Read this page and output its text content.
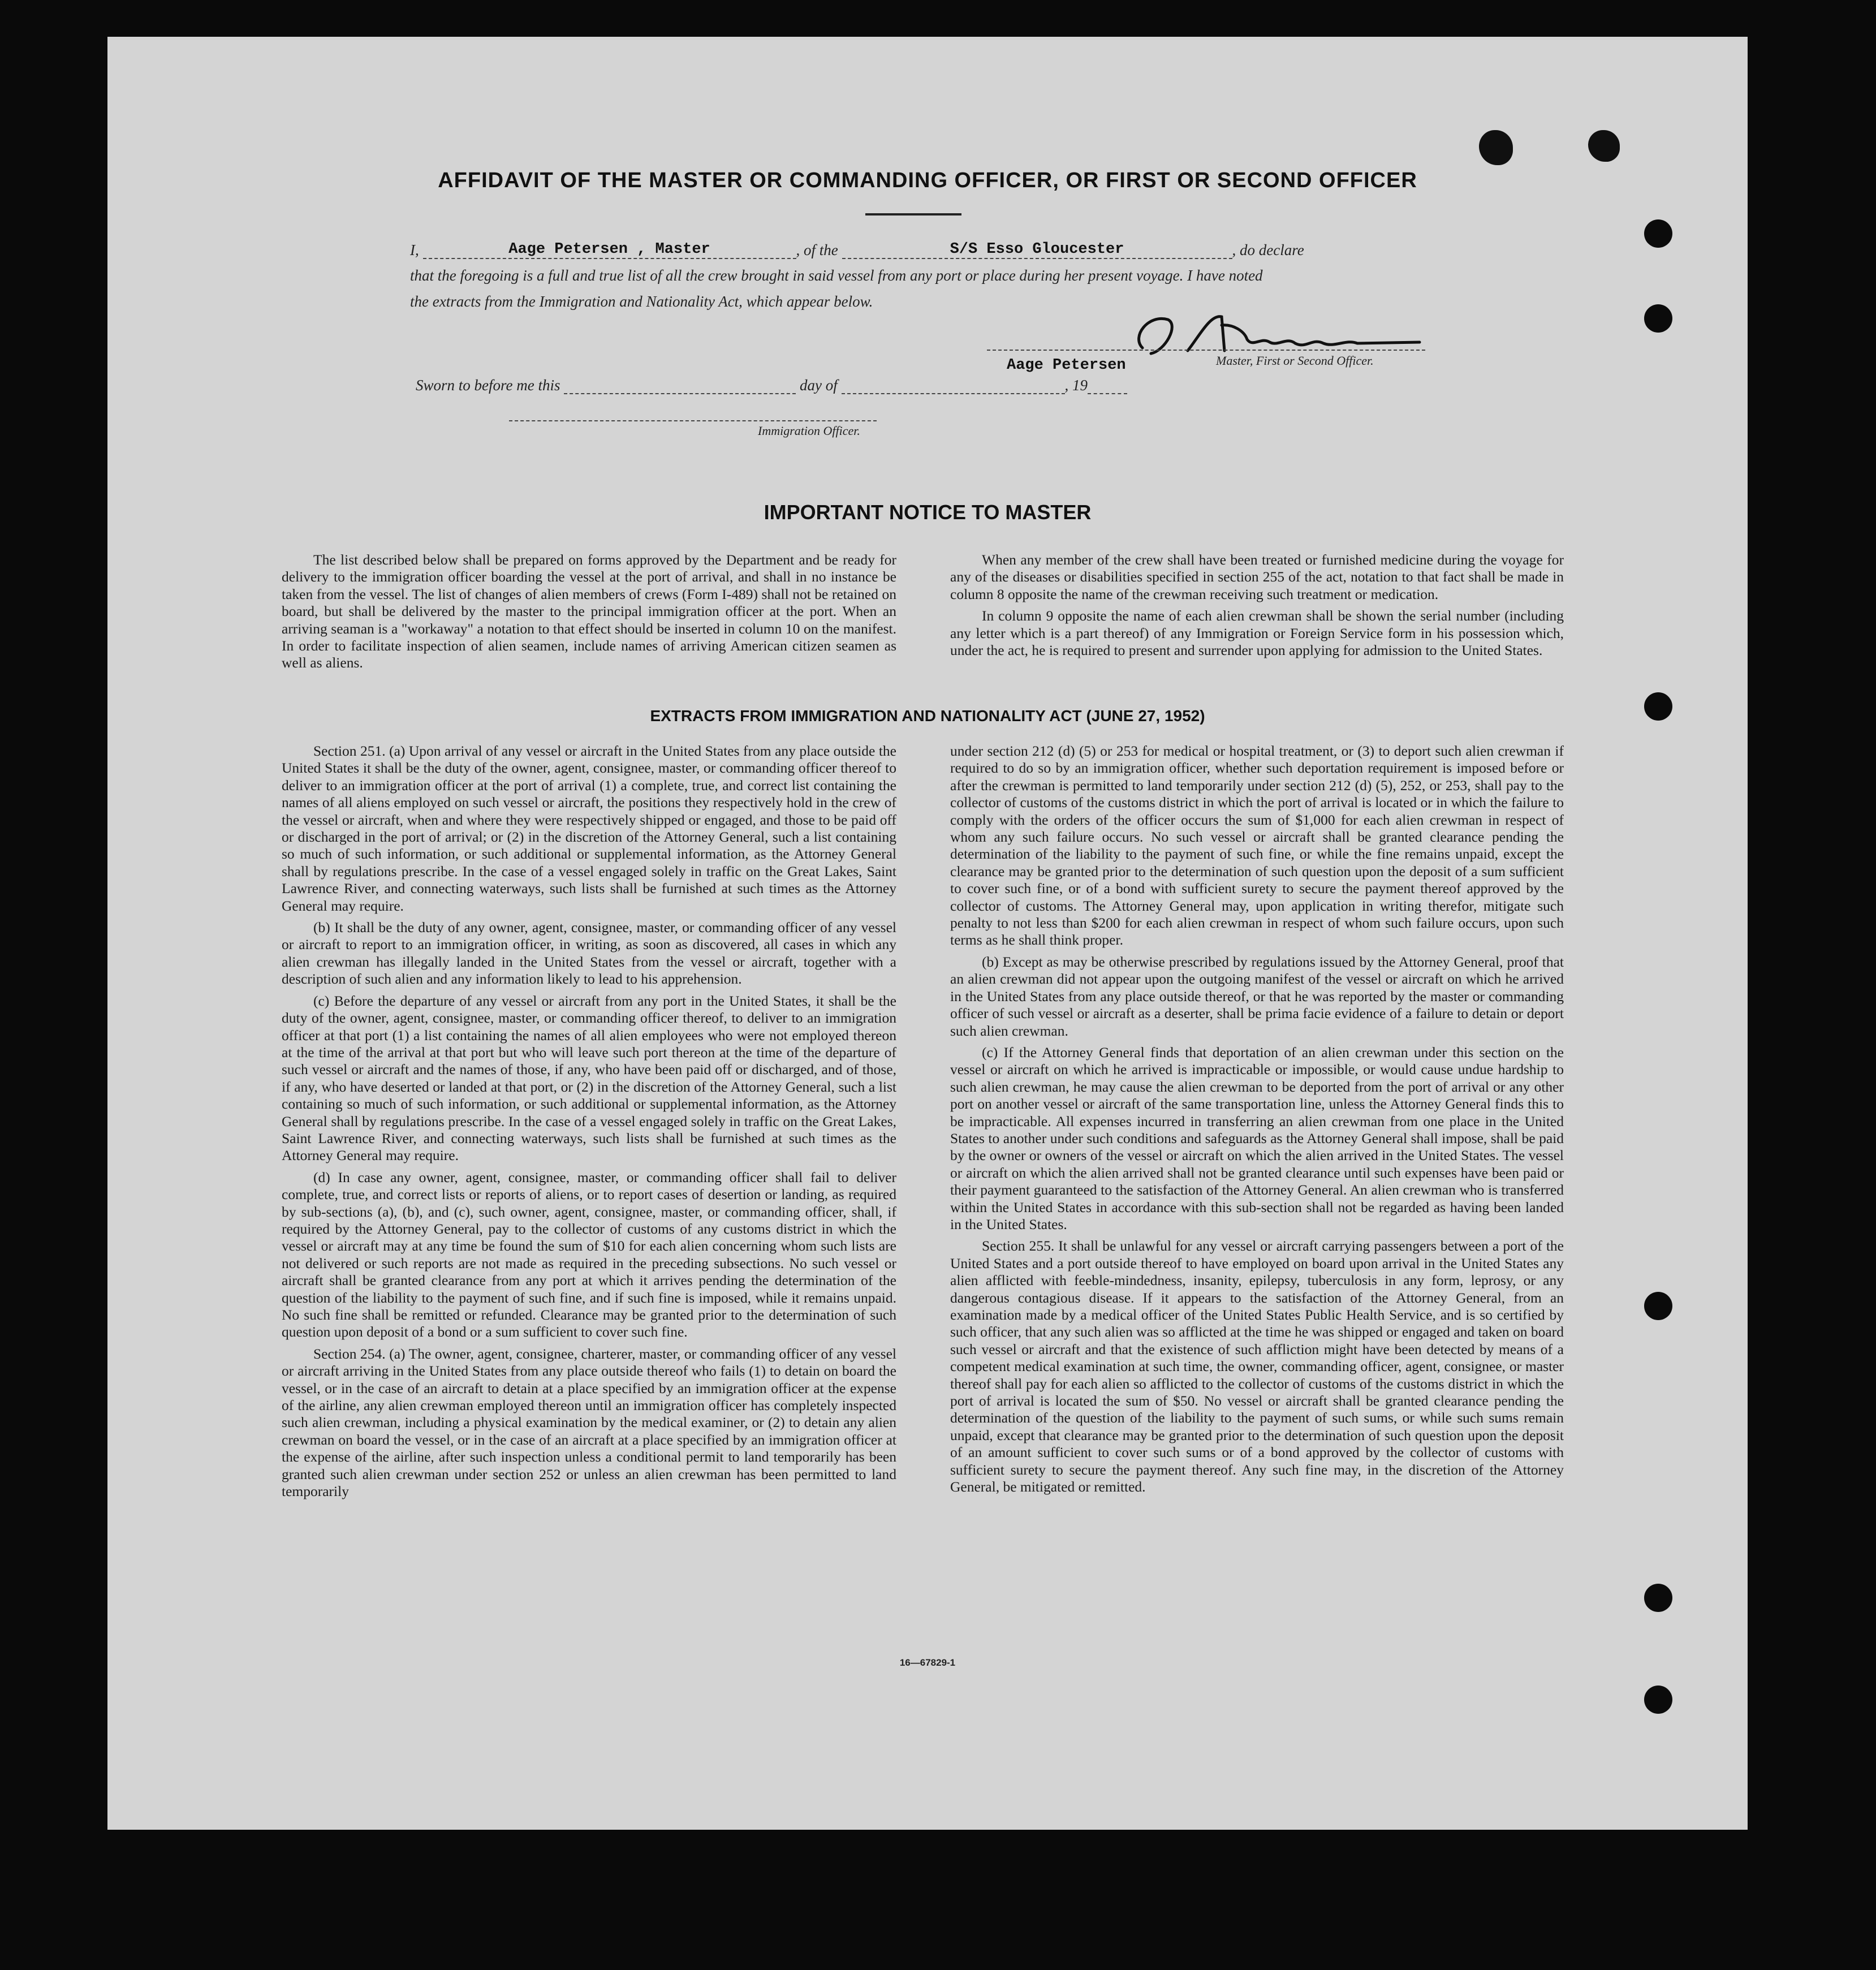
AFFIDAVIT OF THE MASTER OR COMMANDING OFFICER, OR FIRST OR SECOND OFFICER
I,	Aage Petersen , Master	, of the	S/S Esso Gloucester	, do declare
that the foregoing is a full and true list of all the crew brought in said vessel from any port or place during her present voyage. I have noted
the extracts from the Immigration and Nationality Act, which appear below.
Master, First or Second Officer.
Aage Petersen
Sworn to before me this	day of	, 19
Immigration Officer.
IMPORTANT NOTICE TO MASTER

The list described below shall be prepared on forms approved by the Department and be ready for delivery to the immigration officer boarding the vessel at the port of arrival, and shall in no instance be taken from the vessel. The list of changes of alien members of crews (Form I-489) shall not be retained on board, but shall be delivered by the master to the principal immigration officer at the port. When an arriving seaman is a "workaway" a notation to that effect should be inserted in column 10 on the manifest. In order to facilitate inspection of alien seamen, include names of arriving American citizen seamen as well as aliens.

When any member of the crew shall have been treated or furnished medicine during the voyage for any of the diseases or disabilities specified in section 255 of the act, notation to that fact shall be made in column 8 opposite the name of the crewman receiving such treatment or medication.

In column 9 opposite the name of each alien crewman shall be shown the serial number (including any letter which is a part thereof) of any Immigration or Foreign Service form in his possession which, under the act, he is required to present and surrender upon applying for admission to the United States.

EXTRACTS FROM IMMIGRATION AND NATIONALITY ACT (JUNE 27, 1952)

Section 251. (a) Upon arrival of any vessel or aircraft in the United States from any place outside the United States it shall be the duty of the owner, agent, consignee, master, or commanding officer thereof to deliver to an immigration officer at the port of arrival (1) a complete, true, and correct list containing the names of all aliens employed on such vessel or aircraft, the positions they respectively hold in the crew of the vessel or aircraft, when and where they were respectively shipped or engaged, and those to be paid off or discharged in the port of arrival; or (2) in the discretion of the Attorney General, such a list containing so much of such information, or such additional or supplemental information, as the Attorney General shall by regulations prescribe. In the case of a vessel engaged solely in traffic on the Great Lakes, Saint Lawrence River, and connecting waterways, such lists shall be furnished at such times as the Attorney General may require.

(b) It shall be the duty of any owner, agent, consignee, master, or commanding officer of any vessel or aircraft to report to an immigration officer, in writing, as soon as discovered, all cases in which any alien crewman has illegally landed in the United States from the vessel or aircraft, together with a description of such alien and any information likely to lead to his apprehension.

(c) Before the departure of any vessel or aircraft from any port in the United States, it shall be the duty of the owner, agent, consignee, master, or commanding officer thereof, to deliver to an immigration officer at that port (1) a list containing the names of all alien employees who were not employed thereon at the time of the arrival at that port but who will leave such port thereon at the time of the departure of such vessel or aircraft and the names of those, if any, who have been paid off or discharged, and of those, if any, who have deserted or landed at that port, or (2) in the discretion of the Attorney General, such a list containing so much of such information, or such additional or supplemental information, as the Attorney General shall by regulations prescribe. In the case of a vessel engaged solely in traffic on the Great Lakes, Saint Lawrence River, and connecting waterways, such lists shall be furnished at such times as the Attorney General may require.

(d) In case any owner, agent, consignee, master, or commanding officer shall fail to deliver complete, true, and correct lists or reports of aliens, or to report cases of desertion or landing, as required by sub-sections (a), (b), and (c), such owner, agent, consignee, master, or commanding officer, shall, if required by the Attorney General, pay to the collector of customs of any customs district in which the vessel or aircraft may at any time be found the sum of $10 for each alien concerning whom such lists are not delivered or such reports are not made as required in the preceding subsections. No such vessel or aircraft shall be granted clearance from any port at which it arrives pending the determination of the question of the liability to the payment of such fine, and if such fine is imposed, while it remains unpaid. No such fine shall be remitted or refunded. Clearance may be granted prior to the determination of such question upon deposit of a bond or a sum sufficient to cover such fine.

Section 254. (a) The owner, agent, consignee, charterer, master, or commanding officer of any vessel or aircraft arriving in the United States from any place outside thereof who fails (1) to detain on board the vessel, or in the case of an aircraft to detain at a place specified by an immigration officer at the expense of the airline, any alien crewman employed thereon until an immigration officer has completely inspected such alien crewman, including a physical examination by the medical examiner, or (2) to detain any alien crewman on board the vessel, or in the case of an aircraft at a place specified by an immigration officer at the expense of the airline, after such inspection unless a conditional permit to land temporarily has been granted such alien crewman under section 252 or unless an alien crewman has been permitted to land temporarily

under section 212 (d) (5) or 253 for medical or hospital treatment, or (3) to deport such alien crewman if required to do so by an immigration officer, whether such deportation requirement is imposed before or after the crewman is permitted to land temporarily under section 212 (d) (5), 252, or 253, shall pay to the collector of customs of the customs district in which the port of arrival is located or in which the failure to comply with the orders of the officer occurs the sum of $1,000 for each alien crewman in respect of whom any such failure occurs. No such vessel or aircraft shall be granted clearance pending the determination of the liability to the payment of such fine, or while the fine remains unpaid, except the clearance may be granted prior to the determination of such question upon the deposit of a sum sufficient to cover such fine, or of a bond with sufficient surety to secure the payment thereof approved by the collector of customs. The Attorney General may, upon application in writing therefor, mitigate such penalty to not less than $200 for each alien crewman in respect of whom such failure occurs, upon such terms as he shall think proper.

(b) Except as may be otherwise prescribed by regulations issued by the Attorney General, proof that an alien crewman did not appear upon the outgoing manifest of the vessel or aircraft on which he arrived in the United States from any place outside thereof, or that he was reported by the master or commanding officer of such vessel or aircraft as a deserter, shall be prima facie evidence of a failure to detain or deport such alien crewman.

(c) If the Attorney General finds that deportation of an alien crewman under this section on the vessel or aircraft on which he arrived is impracticable or impossible, or would cause undue hardship to such alien crewman, he may cause the alien crewman to be deported from the port of arrival or any other port on another vessel or aircraft of the same transportation line, unless the Attorney General finds this to be impracticable. All expenses incurred in transferring an alien crewman from one place in the United States to another under such conditions and safeguards as the Attorney General shall impose, shall be paid by the owner or owners of the vessel or aircraft on which the alien arrived in the United States. The vessel or aircraft on which the alien arrived shall not be granted clearance until such expenses have been paid or their payment guaranteed to the satisfaction of the Attorney General. An alien crewman who is transferred within the United States in accordance with this sub-section shall not be regarded as having been landed in the United States.

Section 255. It shall be unlawful for any vessel or aircraft carrying passengers between a port of the United States and a port outside thereof to have employed on board upon arrival in the United States any alien afflicted with feeble-mindedness, insanity, epilepsy, tuberculosis in any form, leprosy, or any dangerous contagious disease. If it appears to the satisfaction of the Attorney General, from an examination made by a medical officer of the United States Public Health Service, and is so certified by such officer, that any such alien was so afflicted at the time he was shipped or engaged and taken on board such vessel or aircraft and that the existence of such affliction might have been detected by means of a competent medical examination at such time, the owner, commanding officer, agent, consignee, or master thereof shall pay for each alien so afflicted to the collector of customs of the customs district in which the port of arrival is located the sum of $50. No vessel or aircraft shall be granted clearance pending the determination of the question of the liability to the payment of such sums, or while such sums remain unpaid, except that clearance may be granted prior to the determination of such question upon the deposit of an amount sufficient to cover such sums or of a bond approved by the collector of customs with sufficient surety to secure the payment thereof. Any such fine may, in the discretion of the Attorney General, be mitigated or remitted.

16—67829-1
